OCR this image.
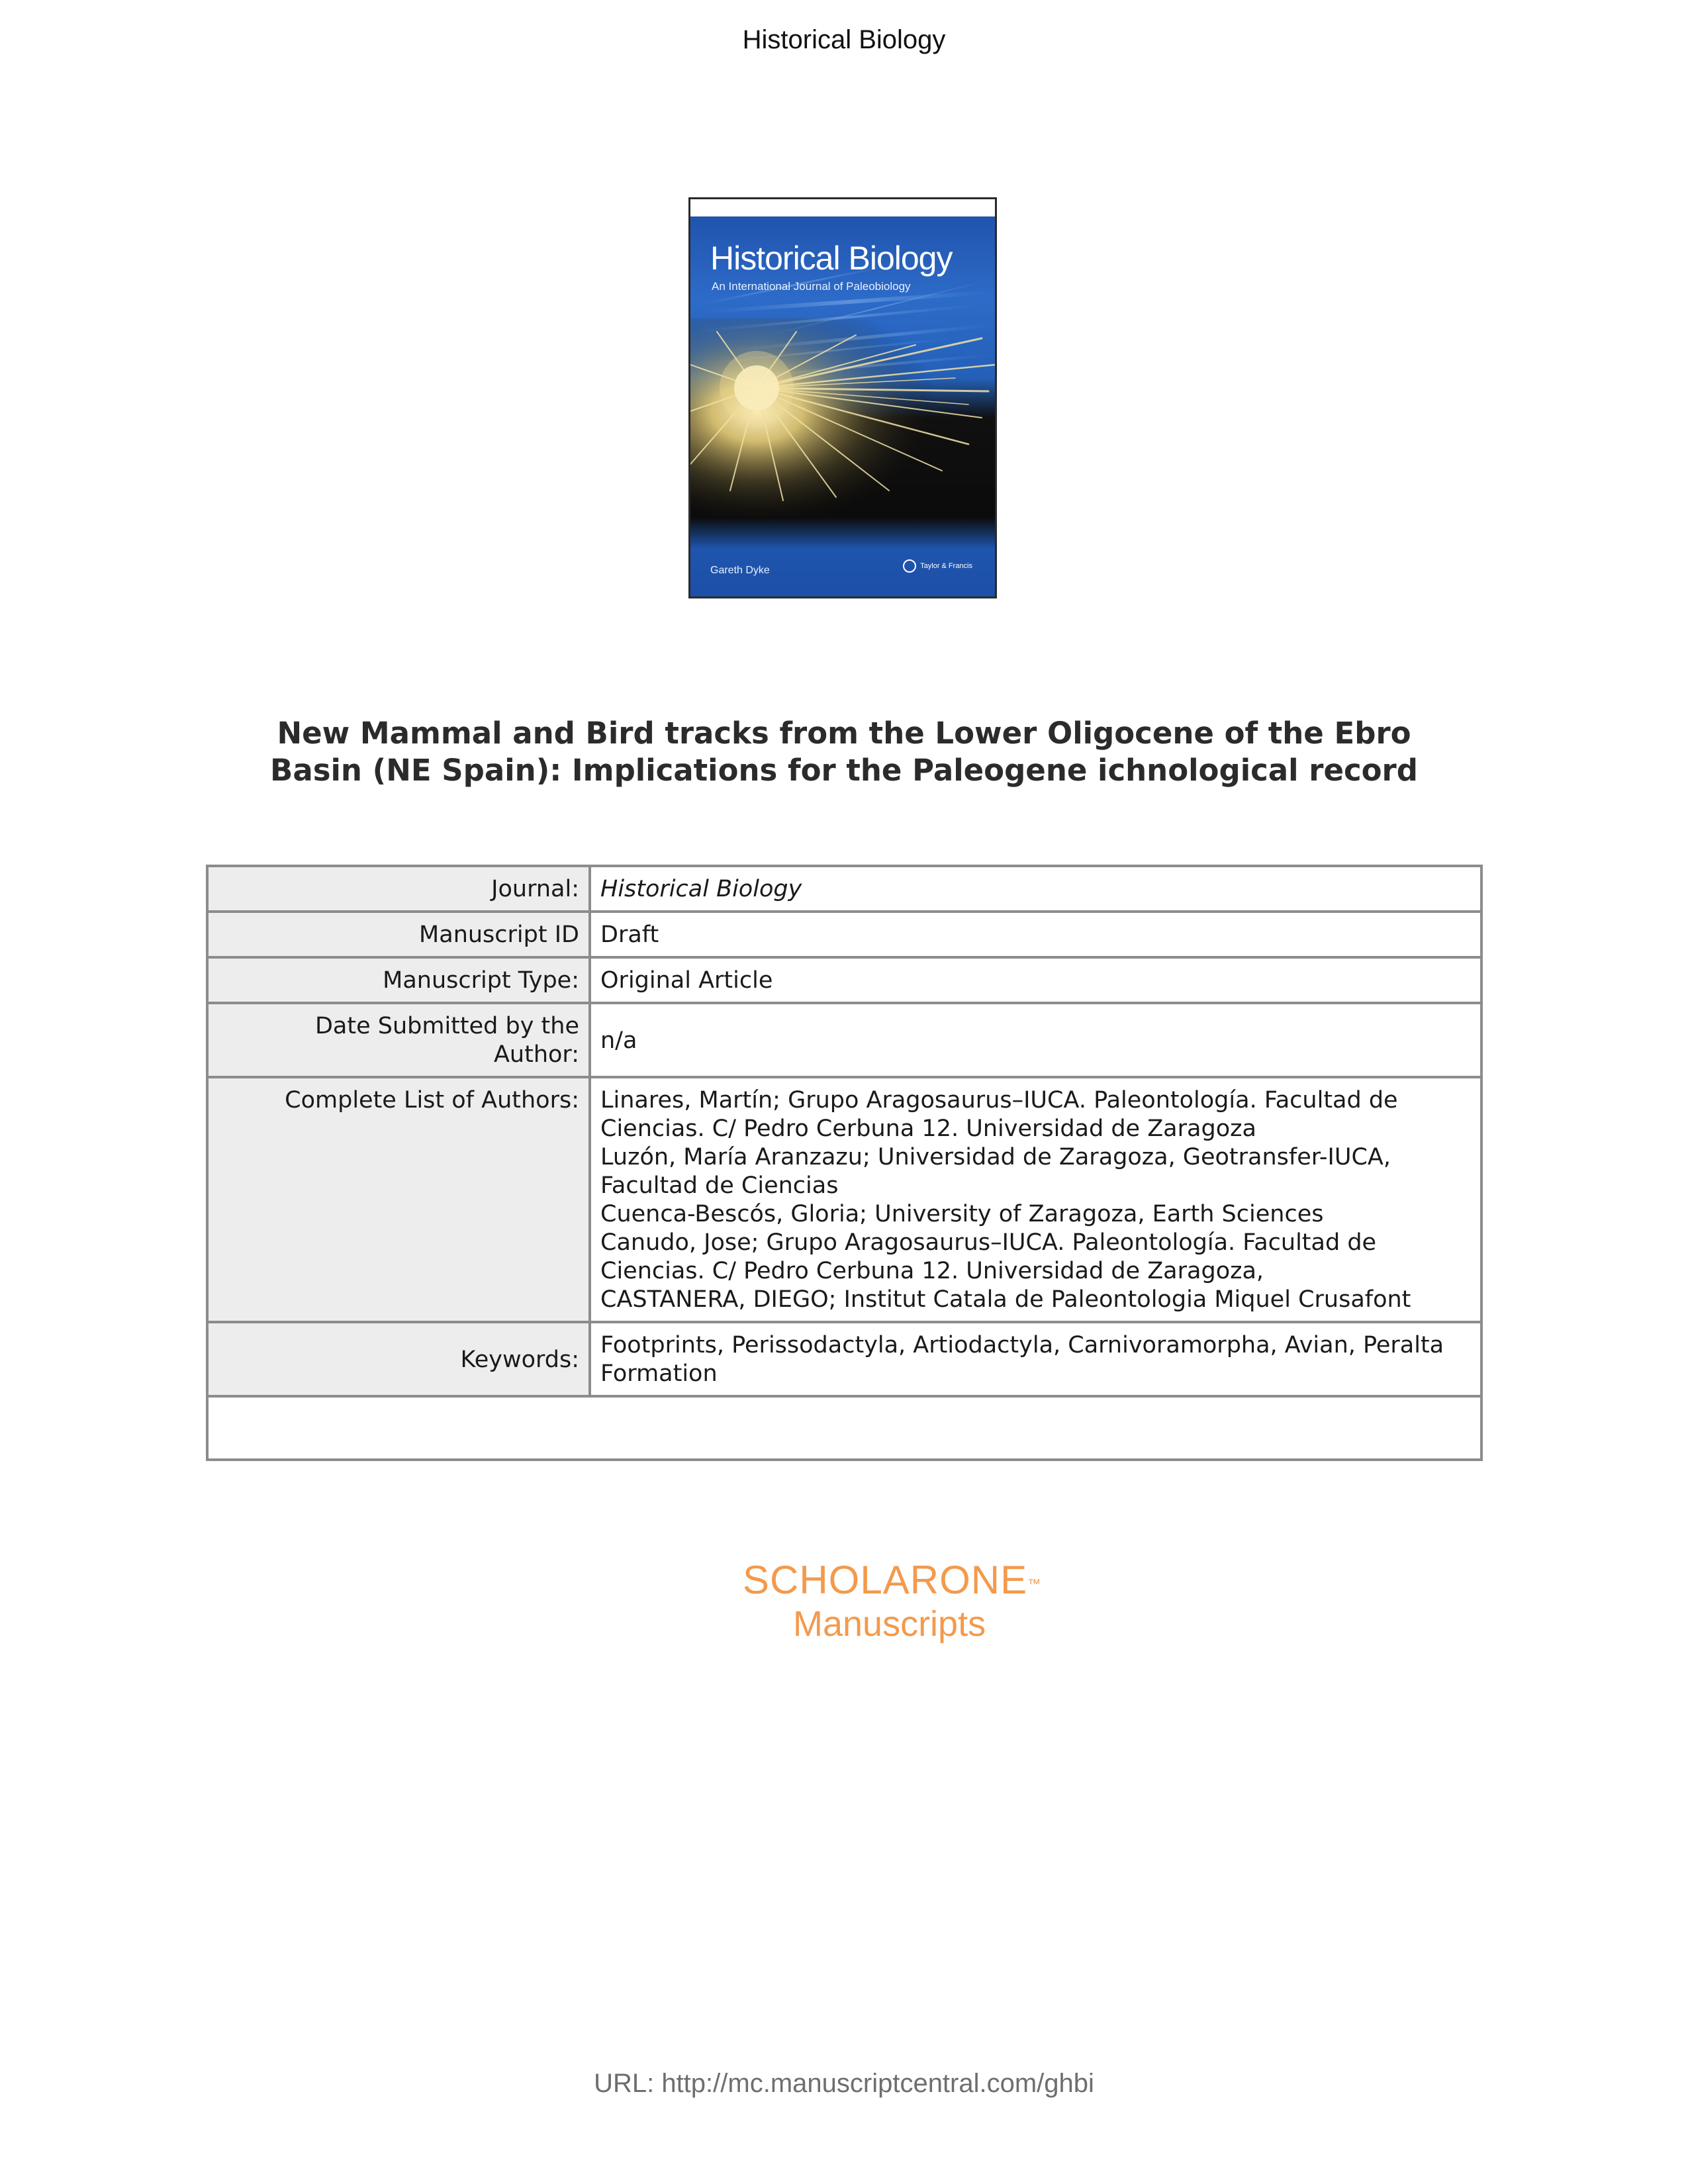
Historical Biology
Historical Biology
An International Journal of Paleobiology
Gareth Dyke	Taylor & Francis
New Mammal and Bird tracks from the Lower Oligocene of the Ebro Basin (NE Spain): Implications for the Paleogene ichnological record
Journal:	Historical Biology
Manuscript ID	Draft
Manuscript Type:	Original Article
Date Submitted by the Author:	n/a
Complete List of Authors:	Linares, Martín; Grupo Aragosaurus–IUCA. Paleontología. Facultad de Ciencias. C/ Pedro Cerbuna 12. Universidad de Zaragoza
Luzón, María Aranzazu; Universidad de Zaragoza, Geotransfer-IUCA, Facultad de Ciencias
Cuenca-Bescós, Gloria; University of Zaragoza, Earth Sciences
Canudo, Jose; Grupo Aragosaurus–IUCA. Paleontología. Facultad de Ciencias. C/ Pedro Cerbuna 12. Universidad de Zaragoza,
CASTANERA, DIEGO; Institut Catala de Paleontologia Miquel Crusafont

Keywords:	Footprints, Perissodactyla, Artiodactyla, Carnivoramorpha, Avian, Peralta Formation

SCHOLARONE™
Manuscripts
URL: http://mc.manuscriptcentral.com/ghbi
